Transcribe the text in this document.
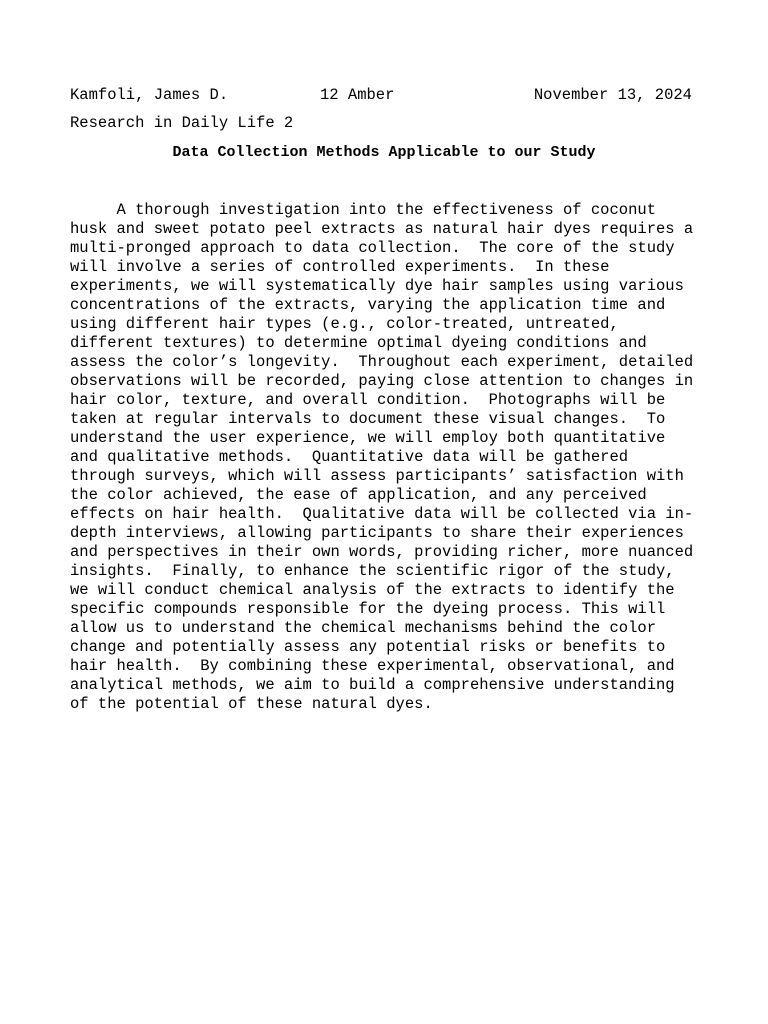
Kamfoli, James D.

	12 Amber

	November 13, 2024

Research in Daily Life 2
Data Collection Methods Applicable to our Study
A thorough investigation into the effectiveness of coconut
husk and sweet potato peel extracts as natural hair dyes requires a
multi-pronged approach to data collection.  The core of the study
will involve a series of controlled experiments.  In these
experiments, we will systematically dye hair samples using various
concentrations of the extracts, varying the application time and
using different hair types (e.g., color-treated, untreated,
different textures) to determine optimal dyeing conditions and
assess the color’s longevity.  Throughout each experiment, detailed
observations will be recorded, paying close attention to changes in
hair color, texture, and overall condition.  Photographs will be
taken at regular intervals to document these visual changes.  To
understand the user experience, we will employ both quantitative
and qualitative methods.  Quantitative data will be gathered
through surveys, which will assess participants’ satisfaction with
the color achieved, the ease of application, and any perceived
effects on hair health.  Qualitative data will be collected via in-
depth interviews, allowing participants to share their experiences
and perspectives in their own words, providing richer, more nuanced
insights.  Finally, to enhance the scientific rigor of the study,
we will conduct chemical analysis of the extracts to identify the
specific compounds responsible for the dyeing process. This will
allow us to understand the chemical mechanisms behind the color
change and potentially assess any potential risks or benefits to
hair health.  By combining these experimental, observational, and
analytical methods, we aim to build a comprehensive understanding
of the potential of these natural dyes.
